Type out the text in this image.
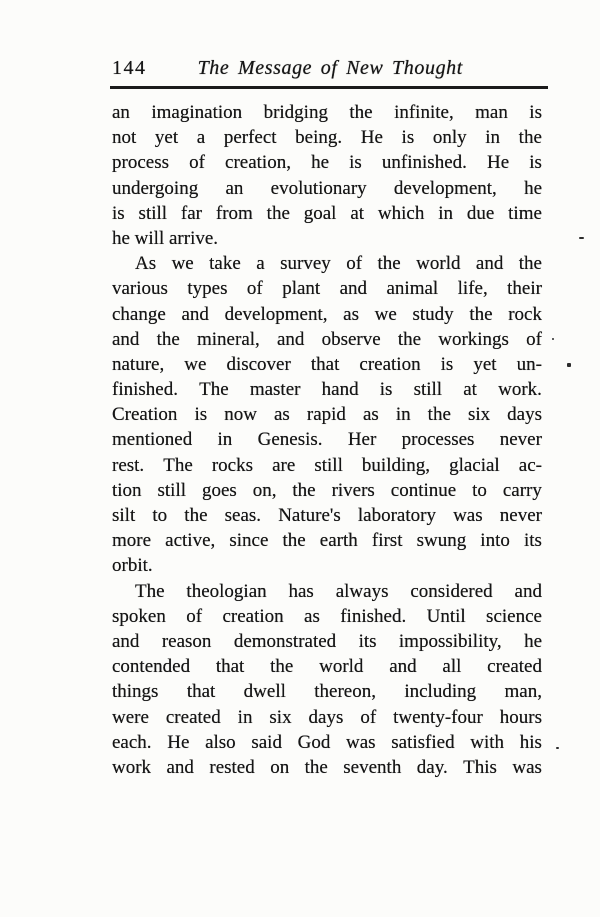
144	The Message of New Thought
an imagination bridging the infinite, man is
not yet a perfect being. He is only in the
process of creation, he is unfinished. He is
undergoing an evolutionary development, he
is still far from the goal at which in due time
he will arrive.
As we take a survey of the world and the
various types of plant and animal life, their
change and development, as we study the rock
and the mineral, and observe the workings of
nature, we discover that creation is yet un-
finished. The master hand is still at work.
Creation is now as rapid as in the six days
mentioned in Genesis. Her processes never
rest. The rocks are still building, glacial ac-
tion still goes on, the rivers continue to carry
silt to the seas. Nature's laboratory was never
more active, since the earth first swung into its
orbit.
The theologian has always considered and
spoken of creation as finished. Until science
and reason demonstrated its impossibility, he
contended that the world and all created
things that dwell thereon, including man,
were created in six days of twenty-four hours
each. He also said God was satisfied with his
work and rested on the seventh day. This was
